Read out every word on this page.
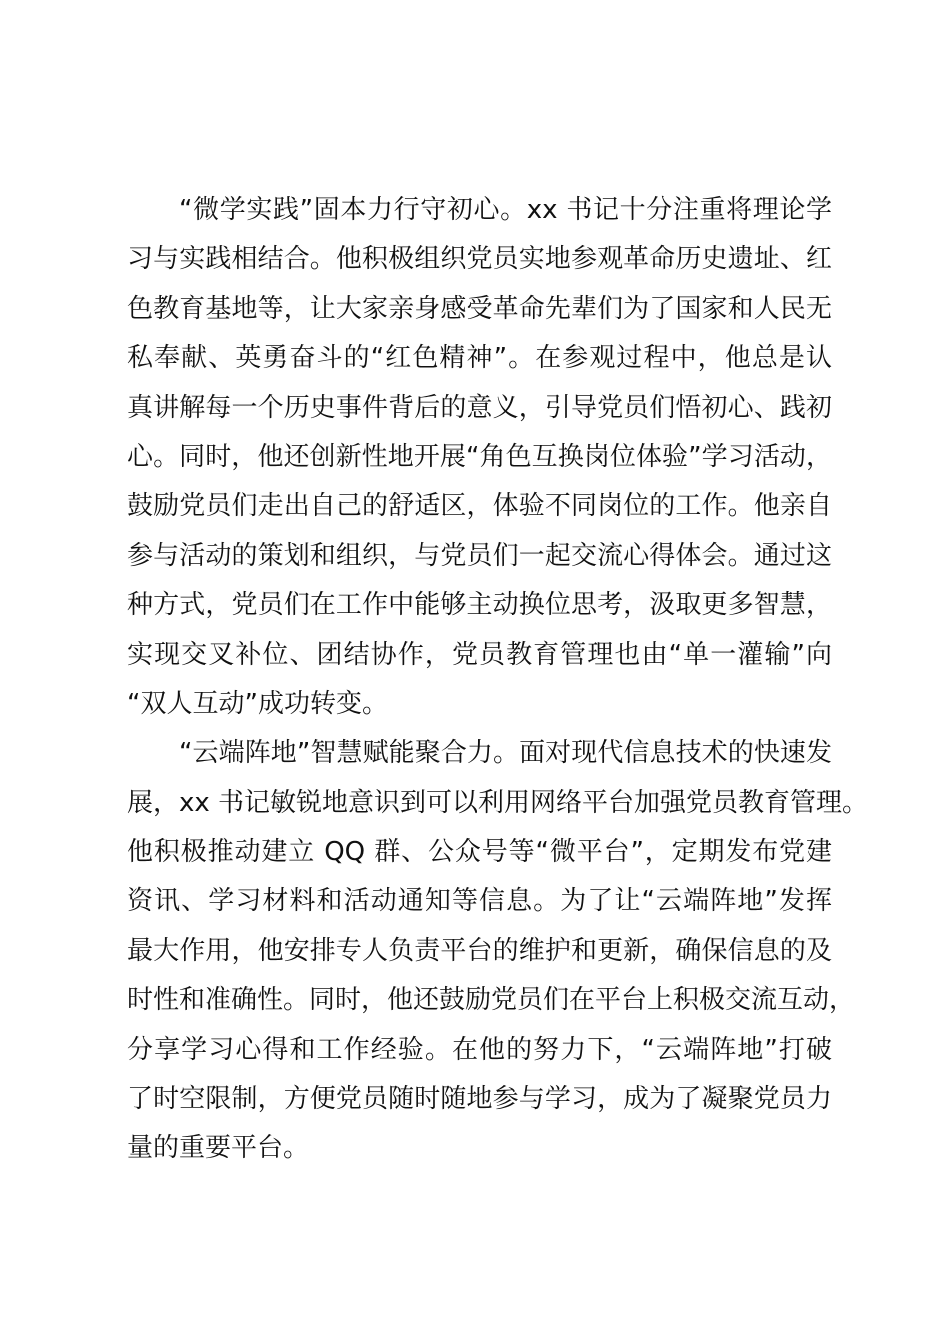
“微学实践”固本力行守初心。xx 书记十分注重将理论学
习与实践相结合。他积极组织党员实地参观革命历史遗址、红
色教育基地等，让大家亲身感受革命先辈们为了国家和人民无
私奉献、英勇奋斗的“红色精神”。在参观过程中，他总是认
真讲解每一个历史事件背后的意义，引导党员们悟初心、践初
心。同时，他还创新性地开展“角色互换岗位体验”学习活动，
鼓励党员们走出自己的舒适区，体验不同岗位的工作。他亲自
参与活动的策划和组织，与党员们一起交流心得体会。通过这
种方式，党员们在工作中能够主动换位思考，汲取更多智慧，
实现交叉补位、团结协作，党员教育管理也由“单一灌输”向
“双人互动”成功转变。
“云端阵地”智慧赋能聚合力。面对现代信息技术的快速发
展，xx 书记敏锐地意识到可以利用网络平台加强党员教育管理。
他积极推动建立 QQ 群、公众号等“微平台”，定期发布党建
资讯、学习材料和活动通知等信息。为了让“云端阵地”发挥
最大作用，他安排专人负责平台的维护和更新，确保信息的及
时性和准确性。同时，他还鼓励党员们在平台上积极交流互动，
分享学习心得和工作经验。在他的努力下，“云端阵地”打破
了时空限制，方便党员随时随地参与学习，成为了凝聚党员力
量的重要平台。
